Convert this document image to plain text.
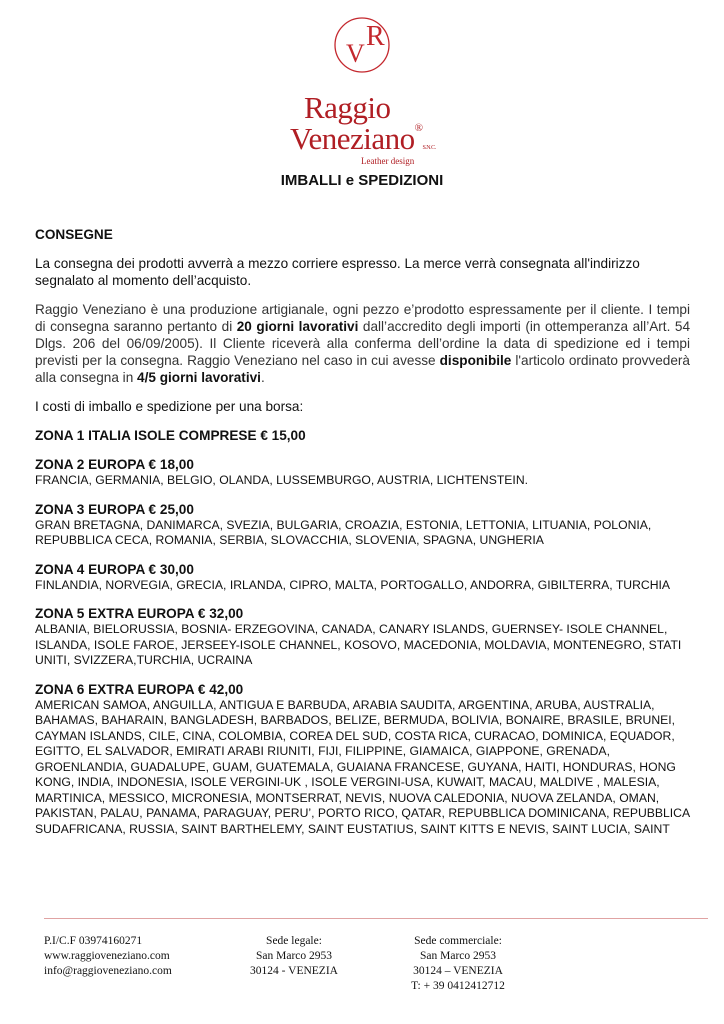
R
V
Raggio
Veneziano®S.N.C.
Leather design
IMBALLI e SPEDIZIONI
CONSEGNE
La consegna dei prodotti avverrà a mezzo corriere espresso. La merce verrà consegnata all'indirizzo segnalato al momento dell’acquisto.
Raggio Veneziano è una produzione artigianale, ogni pezzo e’prodotto espressamente per il cliente. I tempi di consegna saranno pertanto di 20 giorni lavorativi dall’accredito degli importi (in ottemperanza all’Art. 54 Dlgs. 206 del 06/09/2005). Il Cliente riceverà alla conferma dell’ordine la data di spedizione ed i tempi previsti per la consegna. Raggio Veneziano nel caso in cui avesse disponibile l'articolo ordinato provvederà alla consegna in 4/5 giorni lavorativi.
I costi di imballo e spedizione per una borsa:
ZONA 1 ITALIA ISOLE COMPRESE € 15,00
ZONA 2 EUROPA € 18,00
FRANCIA, GERMANIA, BELGIO, OLANDA, LUSSEMBURGO, AUSTRIA, LICHTENSTEIN.
ZONA 3 EUROPA € 25,00
GRAN BRETAGNA, DANIMARCA, SVEZIA, BULGARIA, CROAZIA, ESTONIA, LETTONIA, LITUANIA, POLONIA, REPUBBLICA CECA, ROMANIA, SERBIA, SLOVACCHIA, SLOVENIA, SPAGNA, UNGHERIA
ZONA 4 EUROPA € 30,00
FINLANDIA, NORVEGIA, GRECIA, IRLANDA, CIPRO, MALTA, PORTOGALLO, ANDORRA, GIBILTERRA, TURCHIA
ZONA 5 EXTRA EUROPA € 32,00
ALBANIA, BIELORUSSIA, BOSNIA- ERZEGOVINA, CANADA, CANARY ISLANDS, GUERNSEY- ISOLE CHANNEL, ISLANDA, ISOLE FAROE, JERSEEY-ISOLE CHANNEL, KOSOVO, MACEDONIA, MOLDAVIA, MONTENEGRO, STATI UNITI, SVIZZERA,TURCHIA, UCRAINA
ZONA 6 EXTRA EUROPA € 42,00
AMERICAN SAMOA, ANGUILLA, ANTIGUA E BARBUDA, ARABIA SAUDITA, ARGENTINA, ARUBA, AUSTRALIA, BAHAMAS, BAHARAIN, BANGLADESH, BARBADOS, BELIZE, BERMUDA, BOLIVIA, BONAIRE, BRASILE, BRUNEI, CAYMAN ISLANDS, CILE, CINA, COLOMBIA, COREA DEL SUD, COSTA RICA, CURACAO, DOMINICA, EQUADOR, EGITTO, EL SALVADOR, EMIRATI ARABI RIUNITI, FIJI, FILIPPINE, GIAMAICA, GIAPPONE, GRENADA, GROENLANDIA, GUADALUPE, GUAM, GUATEMALA, GUAIANA FRANCESE, GUYANA, HAITI, HONDURAS, HONG KONG, INDIA, INDONESIA, ISOLE VERGINI-UK , ISOLE VERGINI-USA, KUWAIT, MACAU, MALDIVE , MALESIA, MARTINICA, MESSICO, MICRONESIA, MONTSERRAT, NEVIS, NUOVA CALEDONIA, NUOVA ZELANDA, OMAN, PAKISTAN, PALAU, PANAMA, PARAGUAY, PERU’, PORTO RICO, QATAR, REPUBBLICA DOMINICANA, REPUBBLICA SUDAFRICANA, RUSSIA, SAINT BARTHELEMY, SAINT EUSTATIUS, SAINT KITTS E NEVIS, SAINT LUCIA, SAINT
P.I/C.F 03974160271
www.raggioveneziano.com
info@raggioveneziano.com
Sede legale:
San Marco 2953
30124 - VENEZIA
Sede commerciale:
San Marco 2953
30124 – VENEZIA
T: + 39 0412412712
